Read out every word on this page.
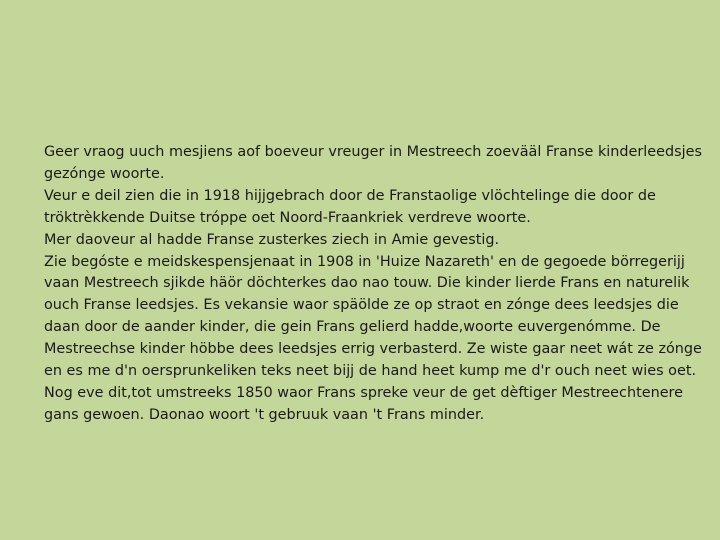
Geer vraog uuch mesjiens aof boeveur vreuger in Mestreech zoevääl Franse kinderleedsjes

gezónge woorte.

Veur e deil zien die in 1918 hijjgebrach door de Franstaolige vlöchtelinge die door de

tröktrèkkende Duitse tróppe oet Noord-Fraankriek verdreve woorte.

Mer daoveur al hadde Franse zusterkes ziech in Amie gevestig.

Zie begóste e meidskespensjenaat in 1908 in 'Huize Nazareth' en de gegoede börregerijj

vaan Mestreech sjikde häör döchterkes dao nao touw. Die kinder lierde Frans en naturelik

ouch Franse leedsjes. Es vekansie waor späölde ze op straot en zónge dees leedsjes die

daan door de aander kinder, die gein Frans gelierd hadde,woorte euvergenómme. De

Mestreechse kinder höbbe dees leedsjes errig verbasterd. Ze wiste gaar neet wát ze zónge

en es me d'n oersprunkeliken teks neet bijj de hand heet kump me d'r ouch neet wies oet.

Nog eve dit,tot umstreeks 1850 waor Frans spreke veur de get dèftiger Mestreechtenere

gans gewoen. Daonao woort 't gebruuk vaan 't Frans minder.
